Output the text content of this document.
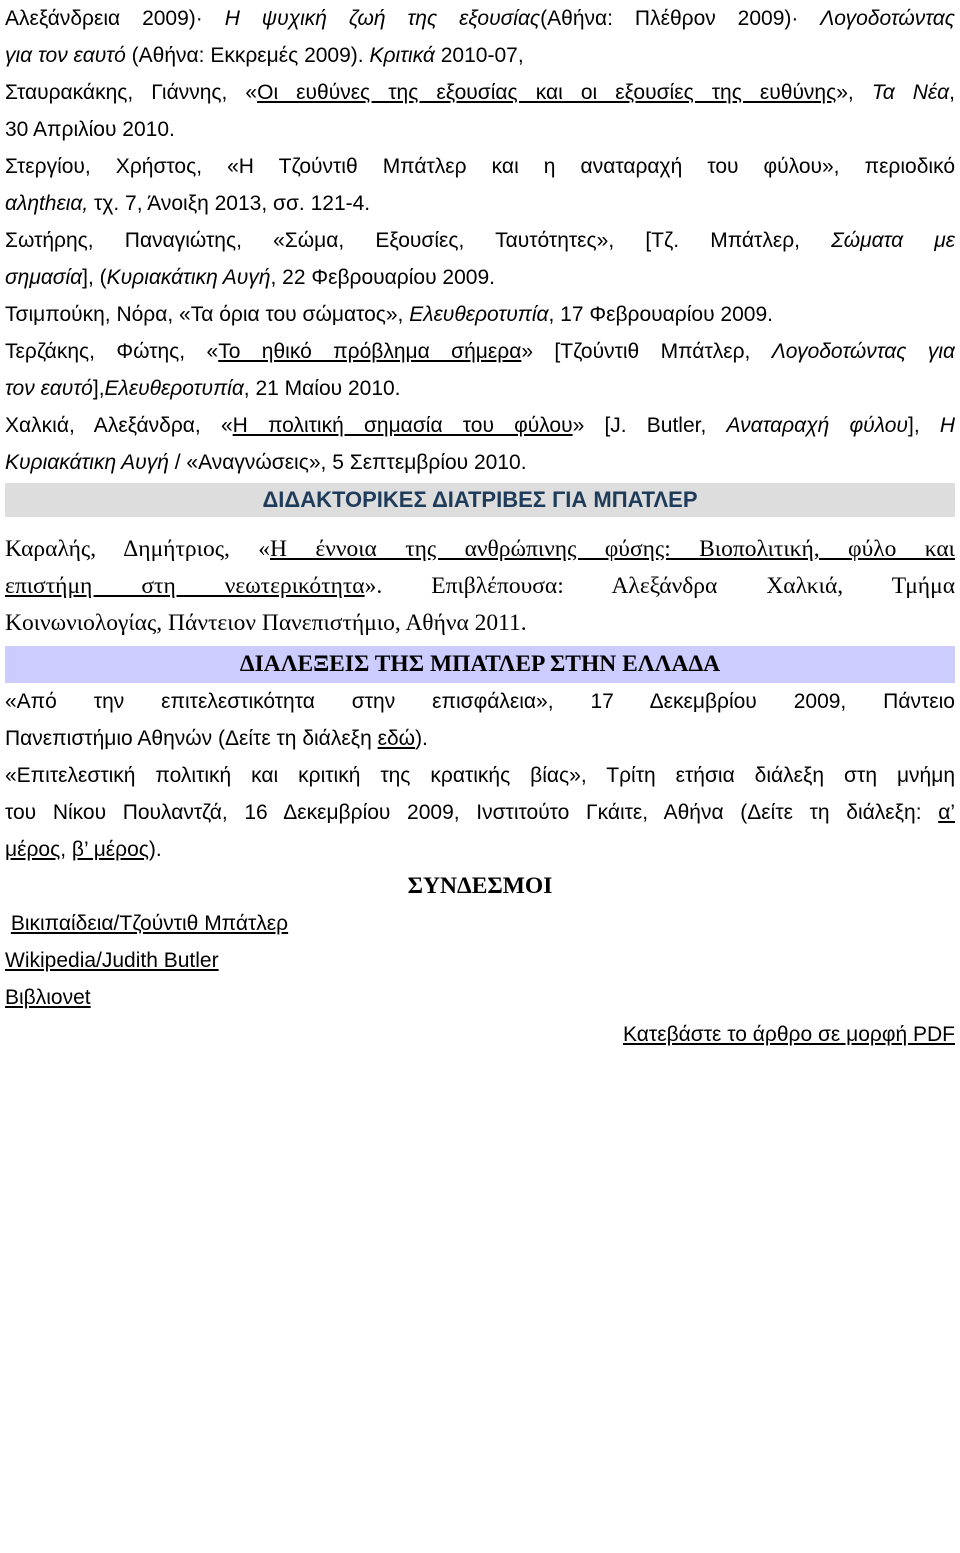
Αλεξάνδρεια 2009)· Η ψυχική ζωή της εξουσίας(Αθήνα: Πλέθρον 2009)· Λογοδοτώντας
για τον εαυτό (Αθήνα: Εκκρεμές 2009). Κριτικά 2010-07,
Σταυρακάκης, Γιάννης, «Οι ευθύνες της εξουσίας και οι εξουσίες της ευθύνης», Τα Νέα,
30 Απριλίου 2010.
Στεργίου, Χρήστος, «Η Τζούντιθ Μπάτλερ και η αναταραχή του φύλου», περιοδικό
αληthεια, τχ. 7, Άνοιξη 2013, σσ. 121-4.
Σωτήρης, Παναγιώτης, «Σώμα, Εξουσίες, Ταυτότητες», [Τζ. Μπάτλερ, Σώματα με
σημασία], (Κυριακάτικη Αυγή, 22 Φεβρουαρίου 2009.
Τσιμπούκη, Νόρα, «Τα όρια του σώματος», Ελευθεροτυπία, 17 Φεβρουαρίου 2009.
Τερζάκης, Φώτης, «Το ηθικό πρόβλημα σήμερα» [Τζούντιθ Μπάτλερ, Λογοδοτώντας για
τον εαυτό],Ελευθεροτυπία, 21 Μαίου 2010.
Χαλκιά, Αλεξάνδρα, «Η πολιτική σημασία του φύλου» [J. Butler, Αναταραχή φύλου], Η
Κυριακάτικη Αυγή / «Αναγνώσεις», 5 Σεπτεμβρίου 2010.
ΔΙΔΑΚΤΟΡΙΚΕΣ ΔΙΑΤΡΙΒΕΣ ΓΙΑ ΜΠΑΤΛΕΡ
Καραλής, Δημήτριος, «Η έννοια της ανθρώπινης φύσης: Βιοπολιτική, φύλο και
επιστήμη στη νεωτερικότητα». Επιβλέπουσα: Αλεξάνδρα Χαλκιά, Τμήμα
Κοινωνιολογίας, Πάντειον Πανεπιστήμιο, Αθήνα 2011.
ΔΙΑΛΕΞΕΙΣ ΤΗΣ ΜΠΑΤΛΕΡ ΣΤΗΝ ΕΛΛΑΔΑ
«Από την επιτελεστικότητα στην επισφάλεια», 17 Δεκεμβρίου 2009, Πάντειο
Πανεπιστήμιο Αθηνών (Δείτε τη διάλεξη εδώ).
«Επιτελεστική πολιτική και κριτική της κρατικής βίας», Τρίτη ετήσια διάλεξη στη μνήμη
του Νίκου Πουλαντζά, 16 Δεκεμβρίου 2009, Ινστιτούτο Γκάιτε, Αθήνα (Δείτε τη διάλεξη: α’
μέρος, β’ μέρος).
ΣΥΝΔΕΣΜΟΙ
Βικιπαίδεια/Τζούντιθ Μπάτλερ
Wikipedia/Judith Butler
Βιβλιονet
Κατεβάστε το άρθρο σε μορφή PDF
